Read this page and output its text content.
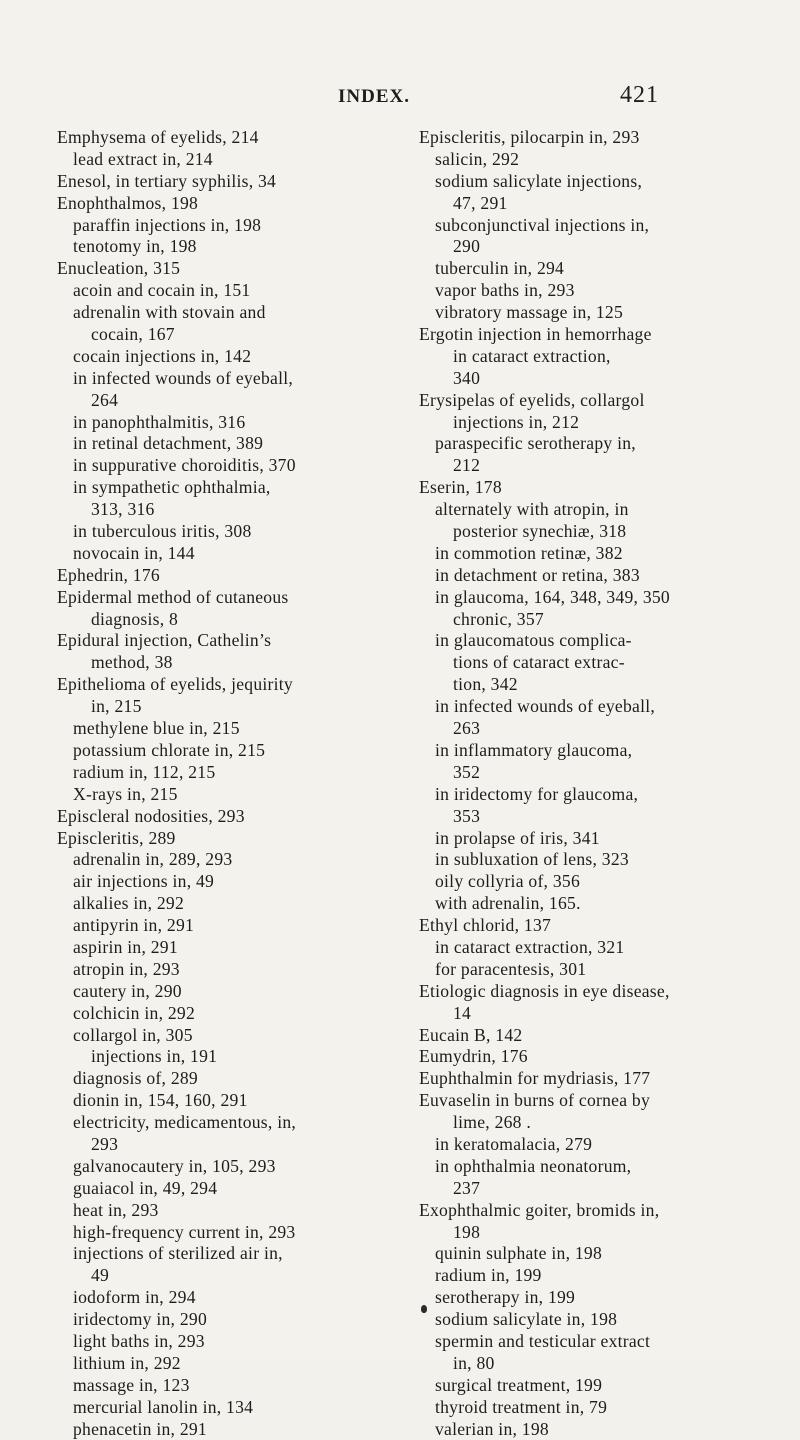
INDEX.	421
Emphysema of eyelids, 214
lead extract in, 214
Enesol, in tertiary syphilis, 34
Enophthalmos, 198
paraffin injections in, 198
tenotomy in, 198
Enucleation, 315
acoin and cocain in, 151
adrenalin with stovain and
cocain, 167
cocain injections in, 142
in infected wounds of eyeball,
264
in panophthalmitis, 316
in retinal detachment, 389
in suppurative choroiditis, 370
in sympathetic ophthalmia,
313, 316
in tuberculous iritis, 308
novocain in, 144
Ephedrin, 176
Epidermal method of cutaneous
diagnosis, 8
Epidural injection, Cathelin’s
method, 38
Epithelioma of eyelids, jequirity
in, 215
methylene blue in, 215
potassium chlorate in, 215
radium in, 112, 215
X-rays in, 215
Episcleral nodosities, 293
Episcleritis, 289
adrenalin in, 289, 293
air injections in, 49
alkalies in, 292
antipyrin in, 291
aspirin in, 291
atropin in, 293
cautery in, 290
colchicin in, 292
collargol in, 305
injections in, 191
diagnosis of, 289
dionin in, 154, 160, 291
electricity, medicamentous, in,
293
galvanocautery in, 105, 293
guaiacol in, 49, 294
heat in, 293
high-frequency current in, 293
injections of sterilized air in,
49
iodoform in, 294
iridectomy in, 290
light baths in, 293
lithium in, 292
massage in, 123
mercurial lanolin in, 134
phenacetin in, 291
Episcleritis, pilocarpin in, 293
salicin, 292
sodium salicylate injections,
47, 291
subconjunctival injections in,
290
tuberculin in, 294
vapor baths in, 293
vibratory massage in, 125
Ergotin injection in hemorrhage
in cataract extraction,
340
Erysipelas of eyelids, collargol
injections in, 212
paraspecific serotherapy in,
212
Eserin, 178
alternately with atropin, in
posterior synechiæ, 318
in commotion retinæ, 382
in detachment or retina, 383
in glaucoma, 164, 348, 349, 350
chronic, 357
in glaucomatous complica-
tions of cataract extrac-
tion, 342
in infected wounds of eyeball,
263
in inflammatory glaucoma,
352
in iridectomy for glaucoma,
353
in prolapse of iris, 341
in subluxation of lens, 323
oily collyria of, 356
with adrenalin, 165.
Ethyl chlorid, 137
in cataract extraction, 321
for paracentesis, 301
Etiologic diagnosis in eye disease,
14
Eucain B, 142
Eumydrin, 176
Euphthalmin for mydriasis, 177
Euvaselin in burns of cornea by
lime, 268 .
in keratomalacia, 279
in ophthalmia neonatorum,
237
Exophthalmic goiter, bromids in,
198
quinin sulphate in, 198
radium in, 199
serotherapy in, 199
sodium salicylate in, 198
spermin and testicular extract
in, 80
surgical treatment, 199
thyroid treatment in, 79
valerian in, 198
